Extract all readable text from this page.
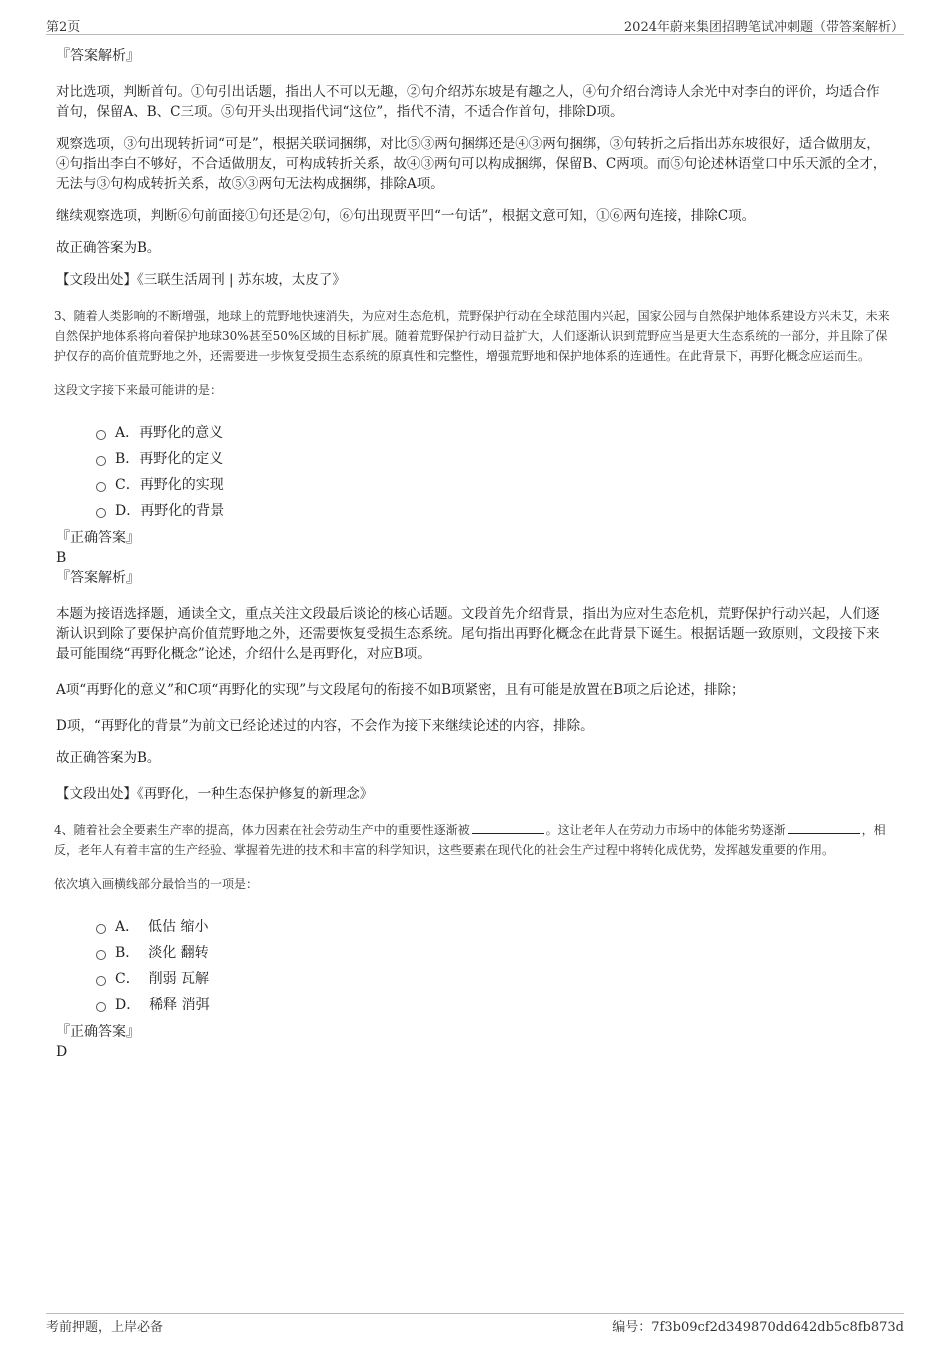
第2页	2024年蔚来集团招聘笔试冲刺题（带答案解析）

『答案解析』

对比选项，判断首句。①句引出话题，指出人不可以无趣，②句介绍苏东坡是有趣之人，④句介绍台湾诗人余光中对李白的评价，均适合作首句，保留A、B、C三项。⑤句开头出现指代词“这位”，指代不清，不适合作首句，排除D项。

观察选项，③句出现转折词“可是”，根据关联词捆绑，对比⑤③两句捆绑还是④③两句捆绑，③句转折之后指出苏东坡很好，适合做朋友，④句指出李白不够好，不合适做朋友，可构成转折关系，故④③两句可以构成捆绑，保留B、C两项。而⑤句论述林语堂口中乐天派的全才，无法与③句构成转折关系，故⑤③两句无法构成捆绑，排除A项。

继续观察选项，判断⑥句前面接①句还是②句，⑥句出现贾平凹“一句话”，根据文意可知，①⑥两句连接，排除C项。

故正确答案为B。

【文段出处】《三联生活周刊 | 苏东坡，太皮了》

3、随着人类影响的不断增强，地球上的荒野地快速消失，为应对生态危机，荒野保护行动在全球范围内兴起，国家公园与自然保护地体系建设方兴未艾，未来自然保护地体系将向着保护地球30%甚至50%区域的目标扩展。随着荒野保护行动日益扩大，人们逐渐认识到荒野应当是更大生态系统的一部分，并且除了保护仅存的高价值荒野地之外，还需要进一步恢复受损生态系统的原真性和完整性，增强荒野地和保护地体系的连通性。在此背景下，再野化概念应运而生。

这段文字接下来最可能讲的是：

A．再野化的意义
B．再野化的定义
C．再野化的实现
D．再野化的背景

『正确答案』

B

『答案解析』

本题为接语选择题，通读全文，重点关注文段最后谈论的核心话题。文段首先介绍背景，指出为应对生态危机，荒野保护行动兴起，人们逐渐认识到除了要保护高价值荒野地之外，还需要恢复受损生态系统。尾句指出再野化概念在此背景下诞生。根据话题一致原则，文段接下来最可能围绕“再野化概念”论述，介绍什么是再野化，对应B项。

A项“再野化的意义”和C项“再野化的实现”与文段尾句的衔接不如B项紧密，且有可能是放置在B项之后论述，排除；

D项，“再野化的背景”为前文已经论述过的内容，不会作为接下来继续论述的内容，排除。

故正确答案为B。

【文段出处】《再野化，一种生态保护修复的新理念》

4、随着社会全要素生产率的提高，体力因素在社会劳动生产中的重要性逐渐被	。这让老年人在劳动力市场中的体能劣势逐渐	，相反，老年人有着丰富的生产经验、掌握着先进的技术和丰富的科学知识，这些要素在现代化的社会生产过程中将转化成优势，发挥越发重要的作用。

依次填入画横线部分最恰当的一项是：

A．  低估 缩小
B．  淡化 翻转
C．  削弱 瓦解
D．  稀释 消弭

『正确答案』

D

考前押题，上岸必备	编号：7f3b09cf2d349870dd642db5c8fb873d
